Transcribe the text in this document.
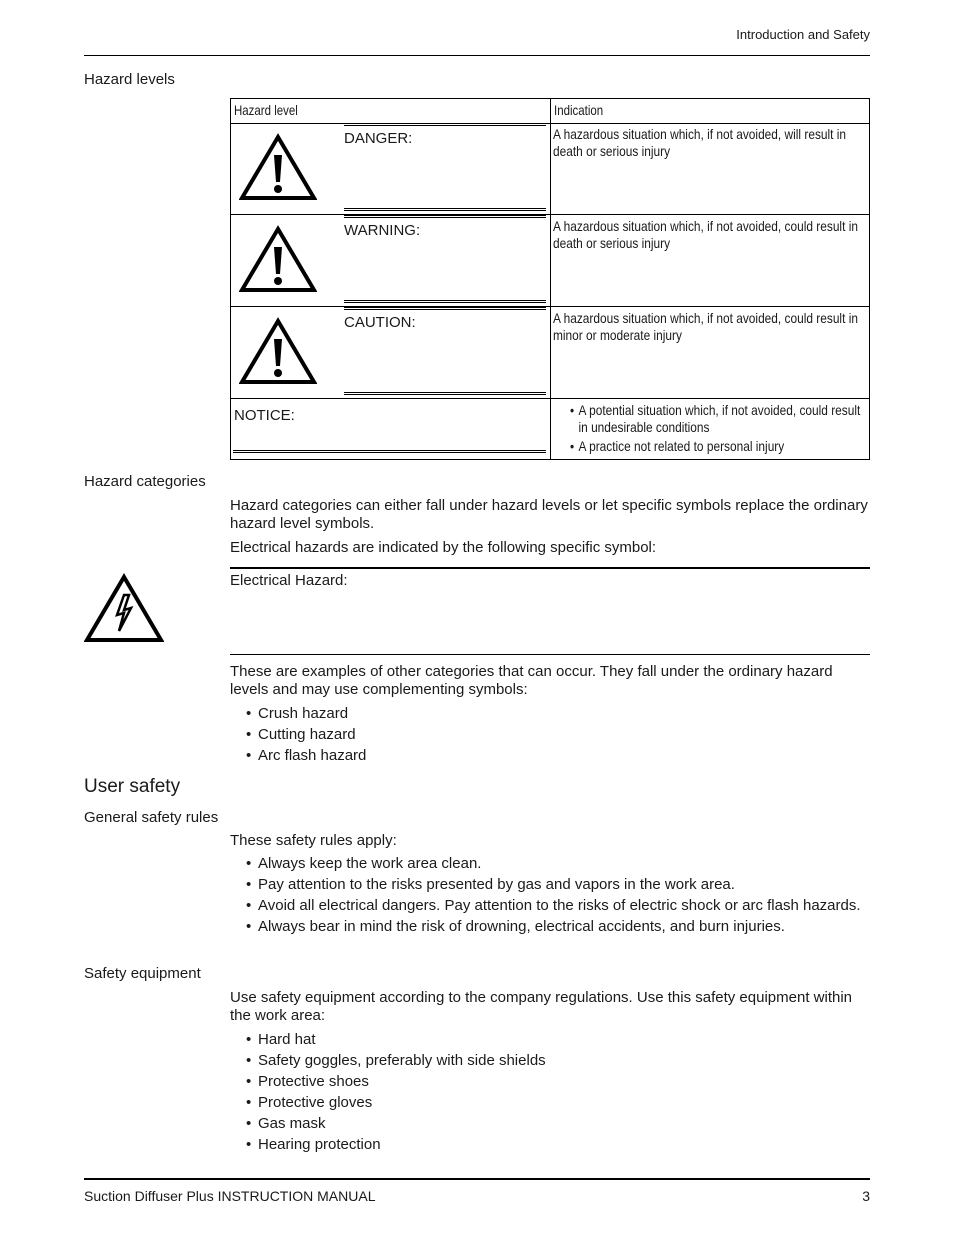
Introduction and Safety
Hazard levels
Hazard level	Indication
DANGER:	A hazardous situation which, if not avoided, will result in death or serious injury
WARNING:	A hazardous situation which, if not avoided, could result in death or serious injury
CAUTION:	A hazardous situation which, if not avoided, could result in minor or moderate injury
NOTICE:
•	A potential situation which, if not avoided, could result in undesirable conditions
• A practice not related to personal injury
Hazard categories

Hazard categories can either fall under hazard levels or let specific symbols replace the ordinary hazard level symbols.

Electrical hazards are indicated by the following specific symbol:

Electrical Hazard:

These are examples of other categories that can occur. They fall under the ordinary hazard levels and may use complementing symbols:

• Crush hazard
• Cutting hazard
• Arc flash hazard
User safety
General safety rules

These safety rules apply:

• Always keep the work area clean.
• Pay attention to the risks presented by gas and vapors in the work area.
• Avoid all electrical dangers. Pay attention to the risks of electric shock or arc flash hazards.
• Always bear in mind the risk of drowning, electrical accidents, and burn injuries.
Safety equipment

Use safety equipment according to the company regulations. Use this safety equipment within the work area:

• Hard hat
• Safety goggles, preferably with side shields
• Protective shoes
• Protective gloves
• Gas mask
• Hearing protection
Suction Diffuser Plus INSTRUCTION MANUAL	3
